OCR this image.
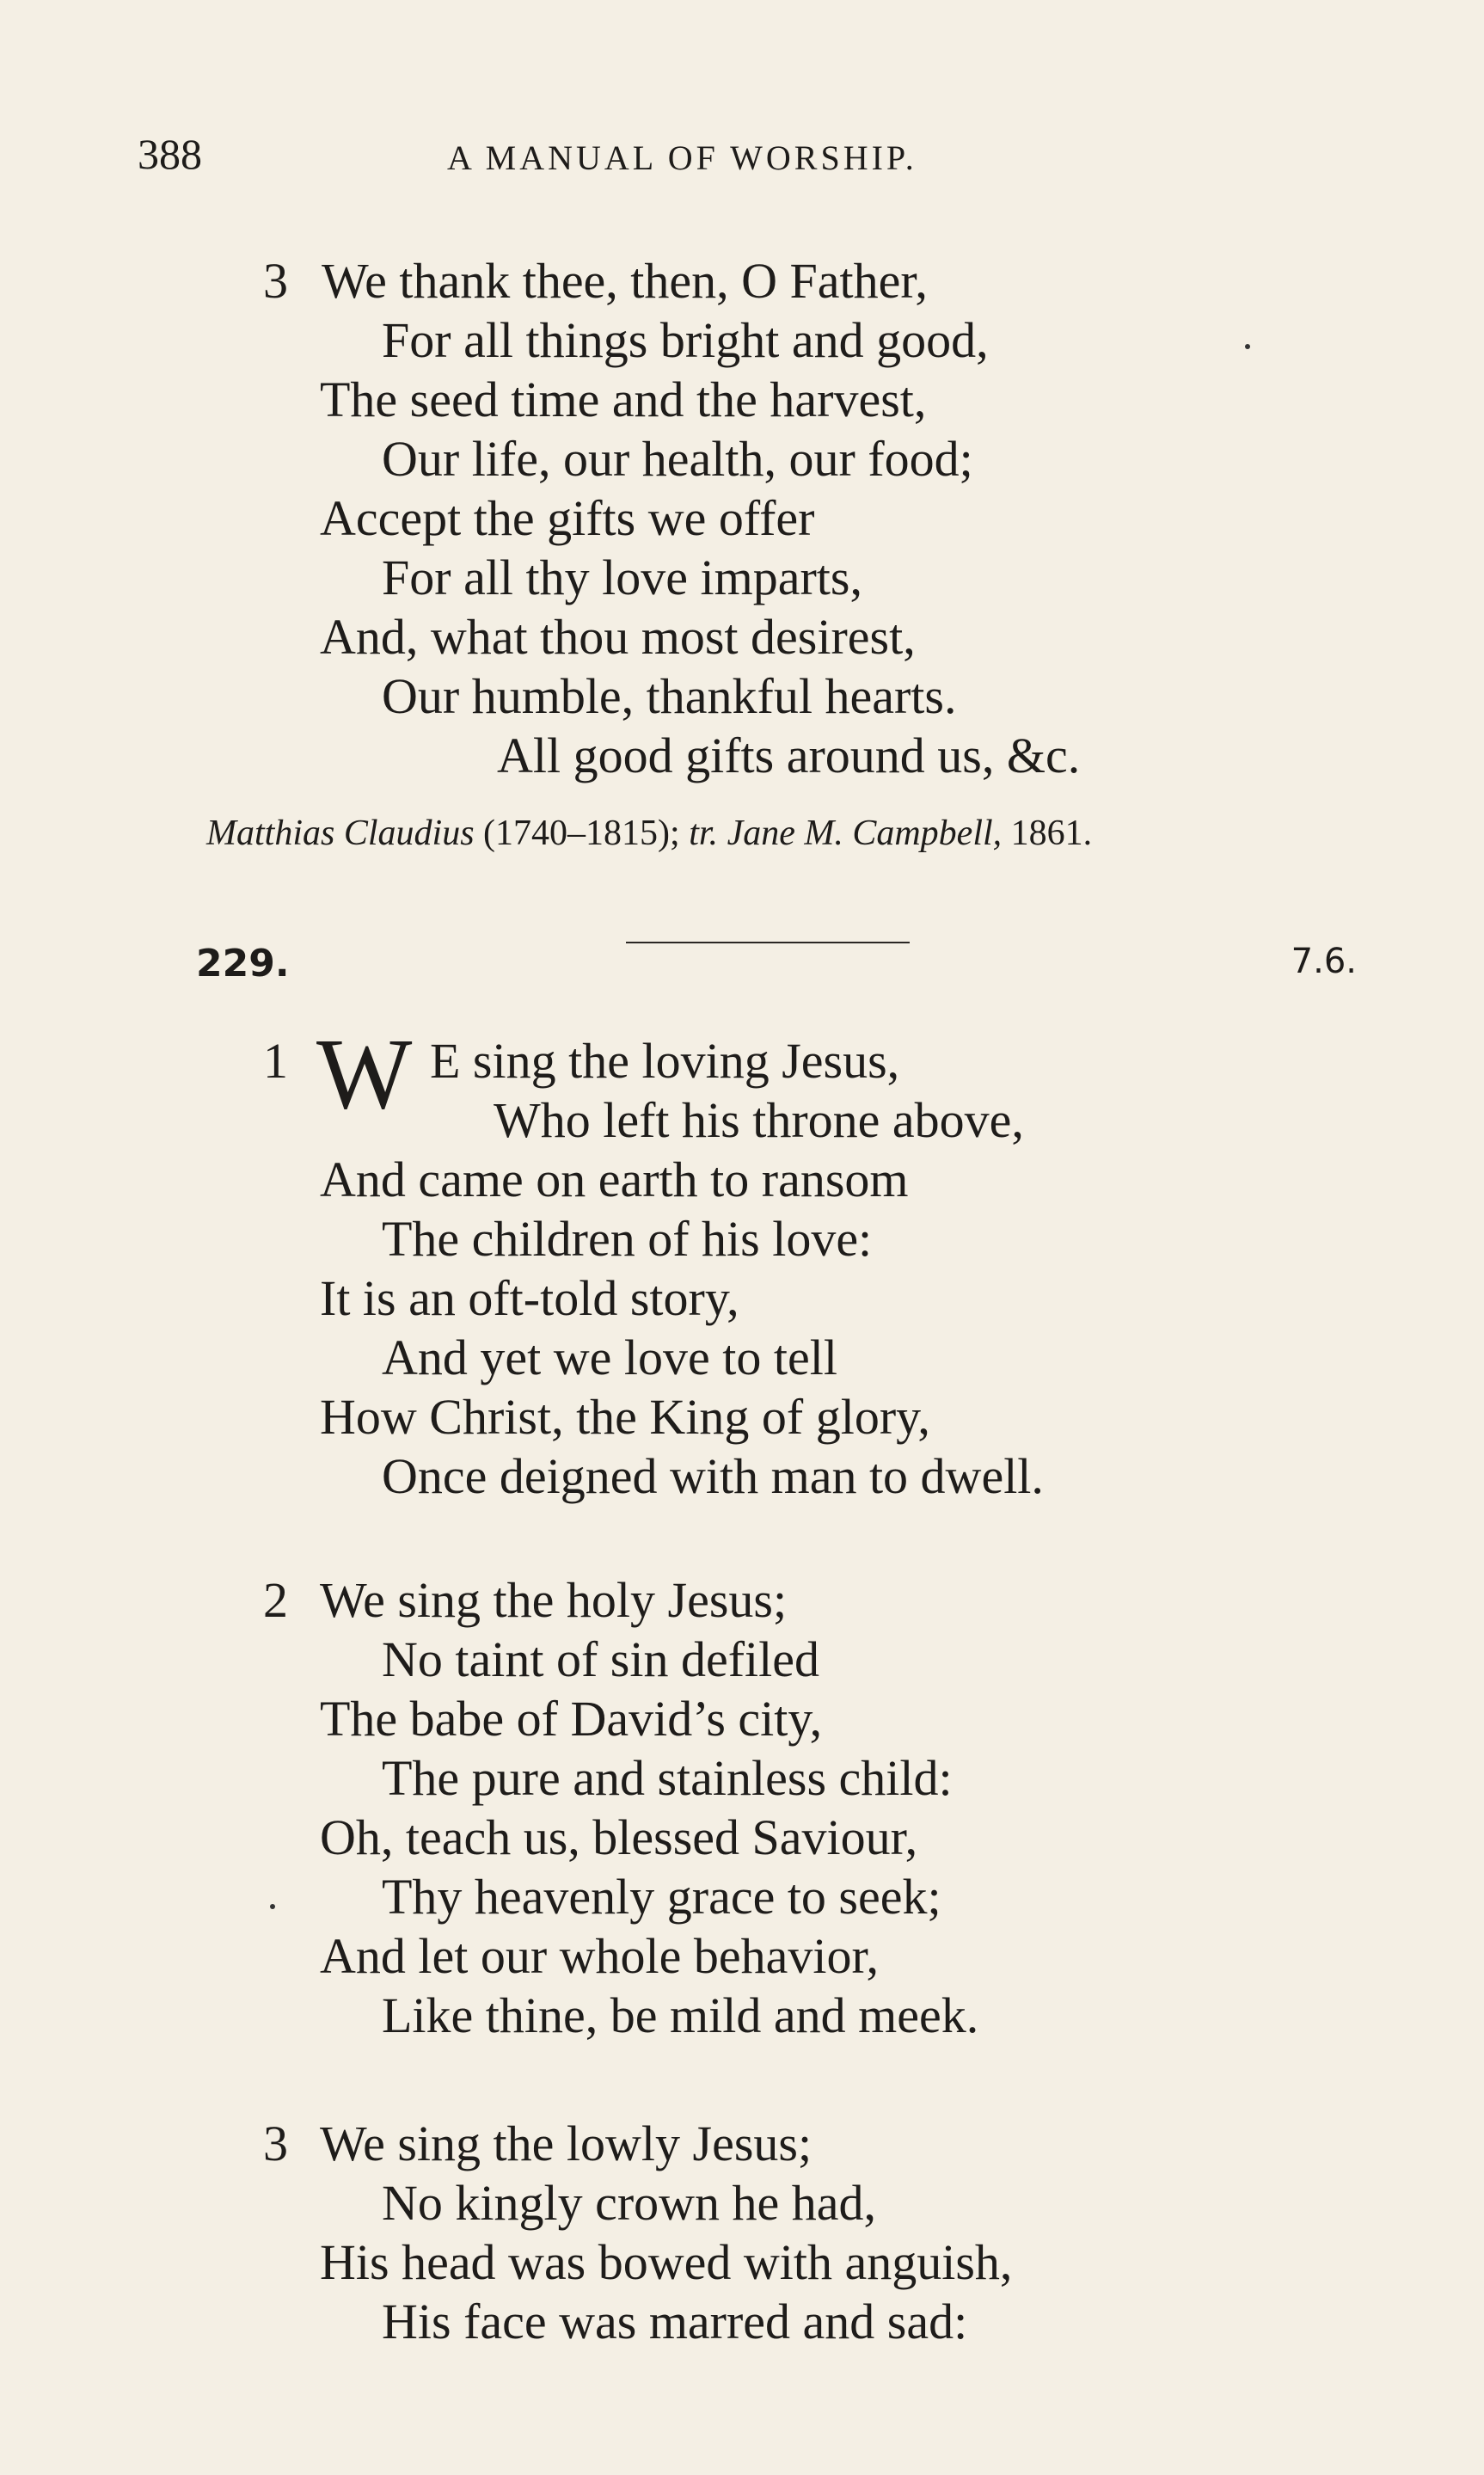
388	A MANUAL OF WORSHIP.
3 We thank thee, then, O Father,
For all things bright and good,
The seed time and the harvest,
Our life, our health, our food;
Accept the gifts we offer
For all thy love imparts,
And, what thou most desirest,
Our humble, thankful hearts.
All good gifts around us, &c.
Matthias Claudius (1740–1815); tr. Jane M. Campbell, 1861.
229.	7.6.
1 W E sing the loving Jesus,
Who left his throne above,
And came on earth to ransom
The children of his love:
It is an oft-told story,
And yet we love to tell
How Christ, the King of glory,
Once deigned with man to dwell.
2 We sing the holy Jesus;
No taint of sin defiled
The babe of David’s city,
The pure and stainless child:
Oh, teach us, blessed Saviour,
Thy heavenly grace to seek;
And let our whole behavior,
Like thine, be mild and meek.
3 We sing the lowly Jesus;
No kingly crown he had,
His head was bowed with anguish,
His face was marred and sad:
